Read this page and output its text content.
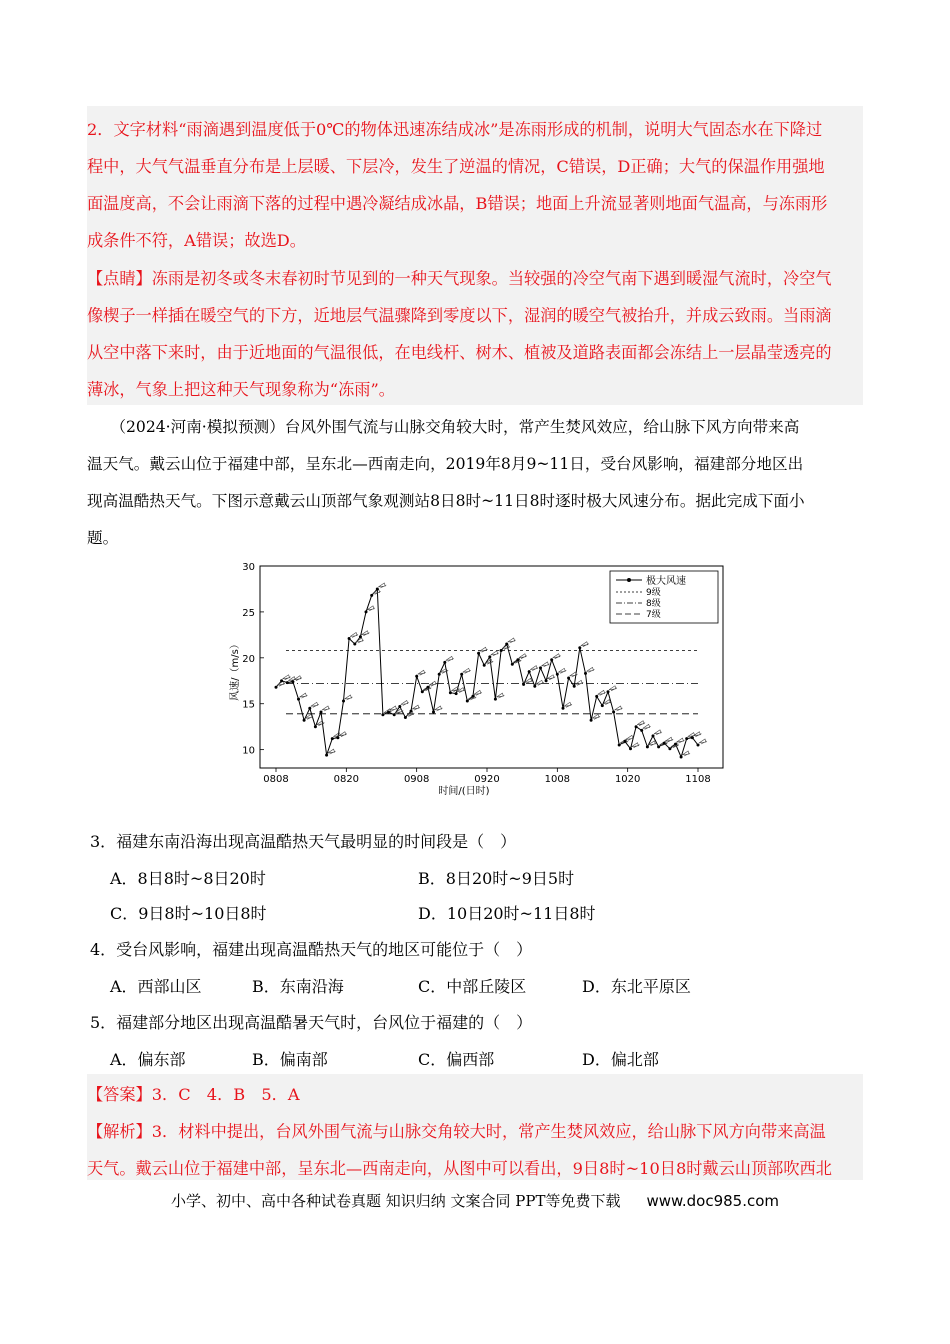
2．文字材料“雨滴遇到温度低于0℃的物体迅速冻结成冰”是冻雨形成的机制，说明大气固态水在下降过
程中，大气气温垂直分布是上层暖、下层冷，发生了逆温的情况，C错误，D正确；大气的保温作用强地
面温度高，不会让雨滴下落的过程中遇冷凝结成冰晶，B错误；地面上升流显著则地面气温高，与冻雨形
成条件不符，A错误；故选D。
【点睛】冻雨是初冬或冬末春初时节见到的一种天气现象。当较强的冷空气南下遇到暖湿气流时，冷空气
像楔子一样插在暖空气的下方，近地层气温骤降到零度以下，湿润的暖空气被抬升，并成云致雨。当雨滴
从空中落下来时，由于近地面的气温很低，在电线杆、树木、植被及道路表面都会冻结上一层晶莹透亮的
薄冰，气象上把这种天气现象称为“冻雨”。
　　（2024·河南·模拟预测）台风外围气流与山脉交角较大时，常产生焚风效应，给山脉下风方向带来高
温天气。戴云山位于福建中部，呈东北—西南走向，2019年8月9~11日，受台风影响，福建部分地区出
现高温酷热天气。下图示意戴云山顶部气象观测站8日8时~11日8时逐时极大风速分布。据此完成下面小
题。
10
15
20
25
30
0808	0820	0908	0920	1008	1020	1108
风速/（m/s）
时间/(日时)
极大风速
9级
8级
7级
3．福建东南沿海出现高温酷热天气最明显的时间段是（　）
A．8日8时~8日20时	B．8日20时~9日5时
C．9日8时~10日8时	D．10日20时~11日8时
4．受台风影响，福建出现高温酷热天气的地区可能位于（　）
A．西部山区	B．东南沿海	C．中部丘陵区	D．东北平原区
5．福建部分地区出现高温酷暑天气时，台风位于福建的（　）
A．偏东部	B．偏南部	C．偏西部	D．偏北部
【答案】3．C　4．B　5．A
【解析】3．材料中提出，台风外围气流与山脉交角较大时，常产生焚风效应，给山脉下风方向带来高温
天气。戴云山位于福建中部，呈东北—西南走向，从图中可以看出，9日8时~10日8时戴云山顶部吹西北
小学、初中、高中各种试卷真题 知识归纳 文案合同 PPT等免费下载 www.doc985.com
